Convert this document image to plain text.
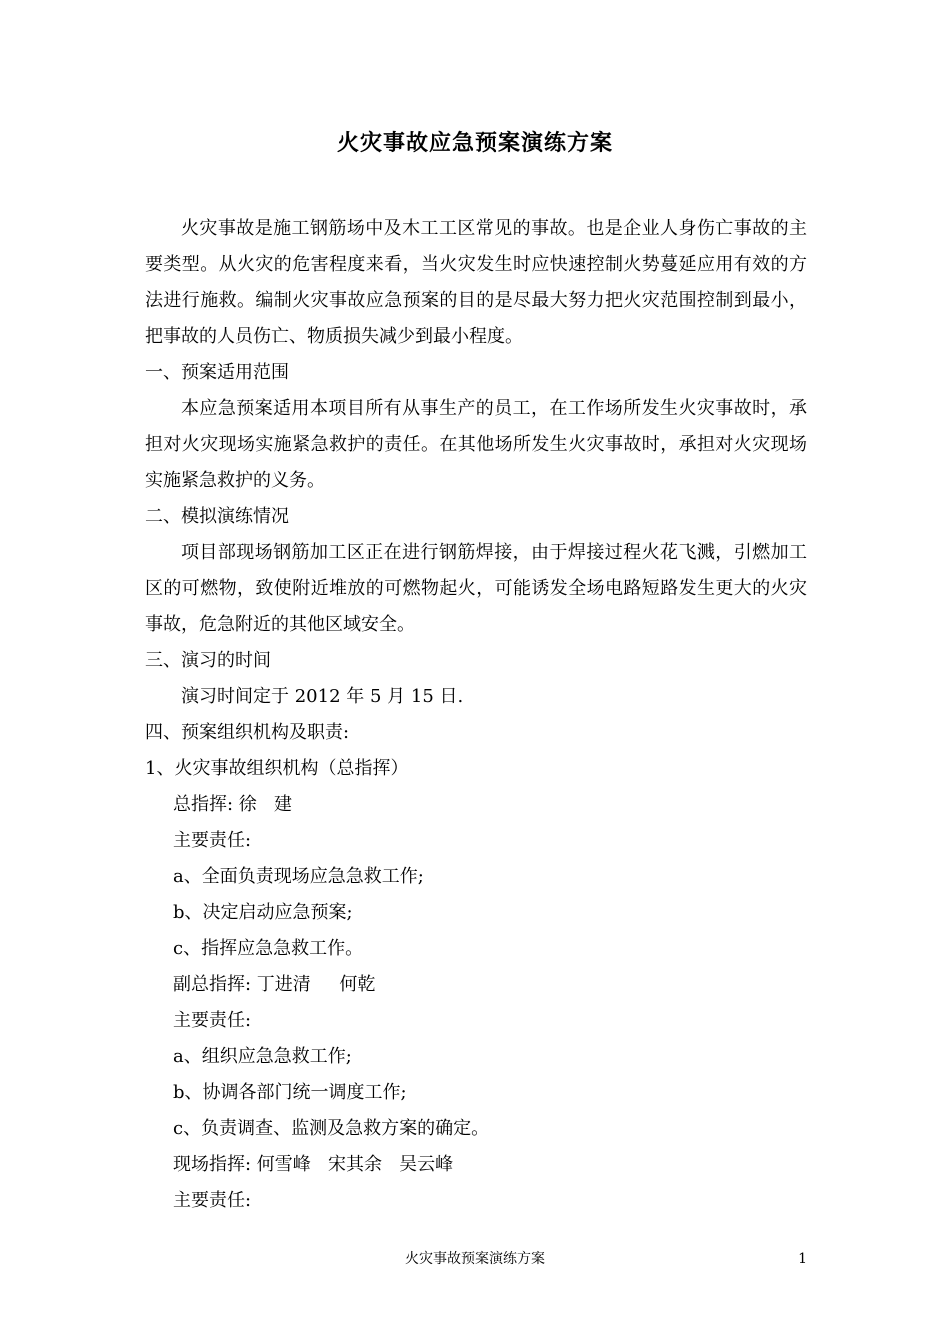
火灾事故应急预案演练方案

火灾事故是施工钢筋场中及木工工区常见的事故。也是企业人身伤亡事故的主要类型。从火灾的危害程度来看，当火灾发生时应快速控制火势蔓延应用有效的方法进行施救。编制火灾事故应急预案的目的是尽最大努力把火灾范围控制到最小，把事故的人员伤亡、物质损失减少到最小程度。

一、预案适用范围

本应急预案适用本项目所有从事生产的员工，在工作场所发生火灾事故时，承担对火灾现场实施紧急救护的责任。在其他场所发生火灾事故时，承担对火灾现场实施紧急救护的义务。

二、模拟演练情况

项目部现场钢筋加工区正在进行钢筋焊接，由于焊接过程火花飞溅，引燃加工区的可燃物，致使附近堆放的可燃物起火，可能诱发全场电路短路发生更大的火灾事故，危急附近的其他区域安全。

三、演习的时间

演习时间定于 2012 年 5 月 15 日.

四、预案组织机构及职责:

1、火灾事故组织机构（总指挥）

总指挥: 徐   建

主要责任:

a、全面负责现场应急急救工作;

b、决定启动应急预案;

c、指挥应急急救工作。

副总指挥: 丁进清     何乾

主要责任:

a、组织应急急救工作;

b、协调各部门统一调度工作;

c、负责调查、监测及急救方案的确定。

现场指挥: 何雪峰   宋其余   吴云峰

主要责任:

火灾事故预案演练方案	1
